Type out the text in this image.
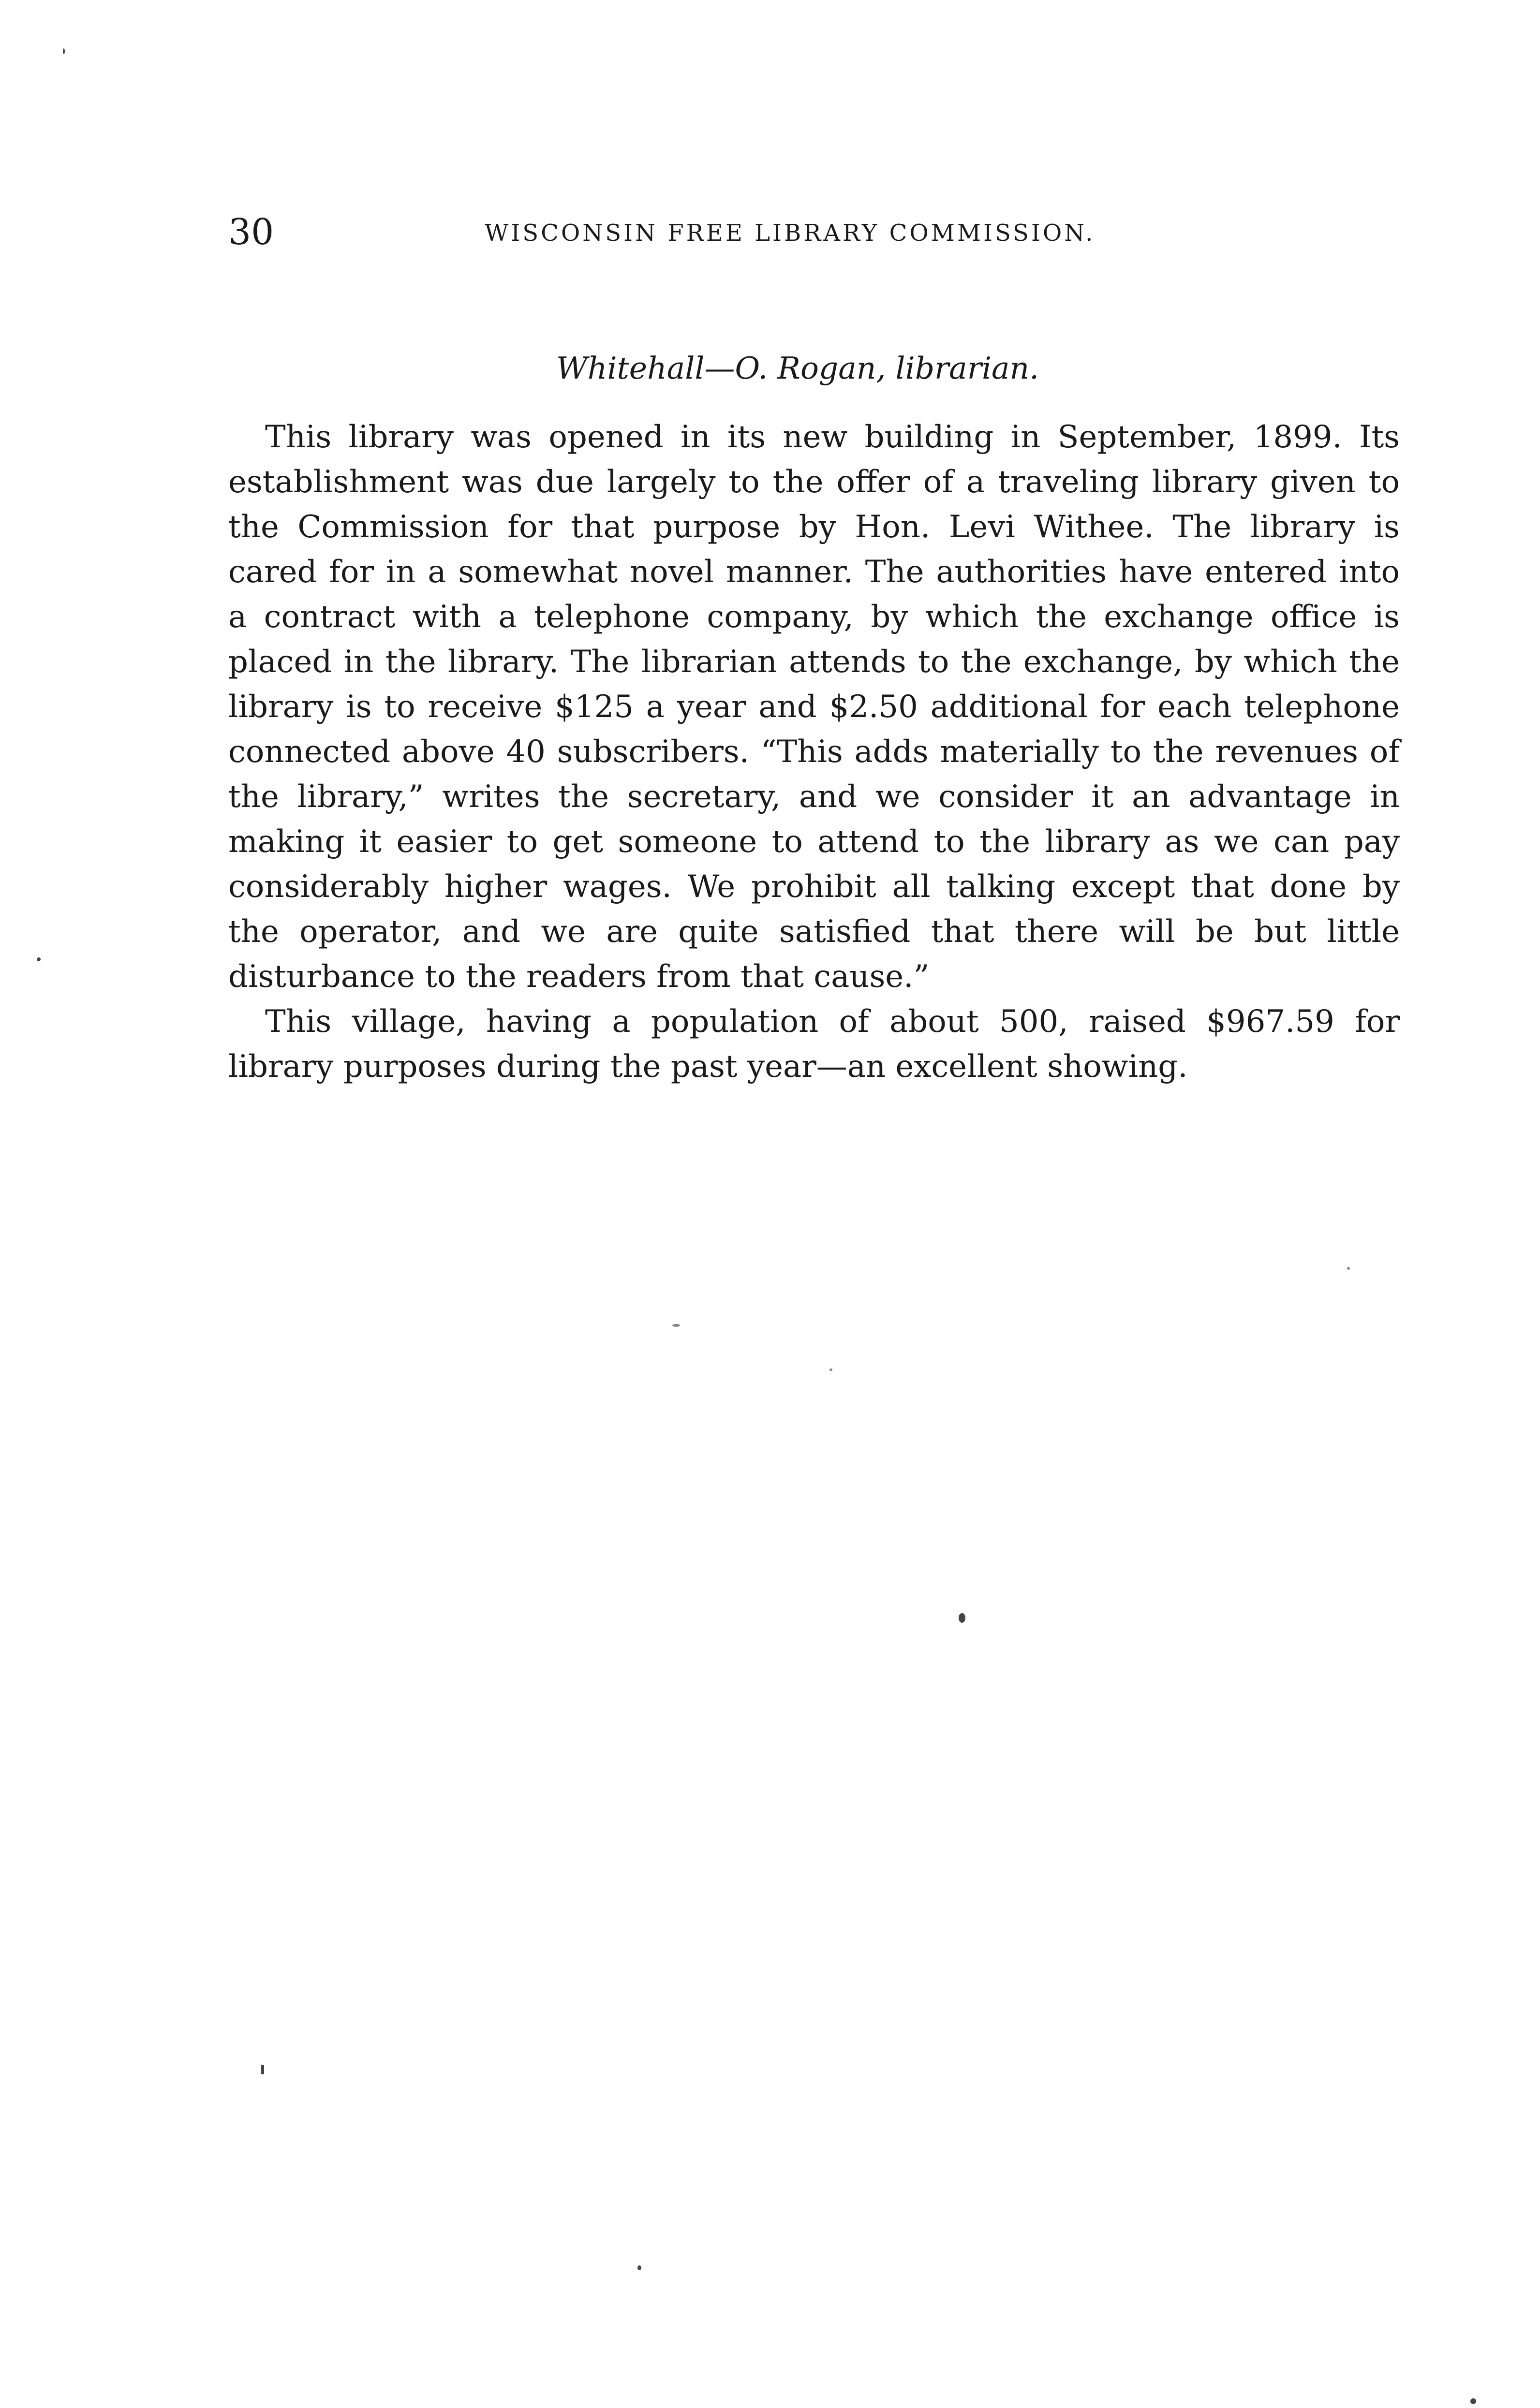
30	WISCONSIN FREE LIBRARY COMMISSION.
Whitehall—O. Rogan, librarian.

This library was opened in its new building in September, 1899. Its establishment was due largely to the offer of a traveling library given to the Commission for that purpose by Hon. Levi Withee. The library is cared for in a somewhat novel manner. The authorities have entered into a contract with a telephone company, by which the exchange office is placed in the library. The librarian attends to the exchange, by which the library is to receive $125 a year and $2.50 additional for each telephone connected above 40 subscribers. “This adds materially to the revenues of the library,” writes the secretary, and we consider it an advantage in making it easier to get someone to attend to the library as we can pay considerably higher wages. We prohibit all talking except that done by the operator, and we are quite satisfied that there will be but little disturbance to the readers from that cause.”

This village, having a population of about 500, raised $967.59 for library purposes during the past year—an excellent showing.
